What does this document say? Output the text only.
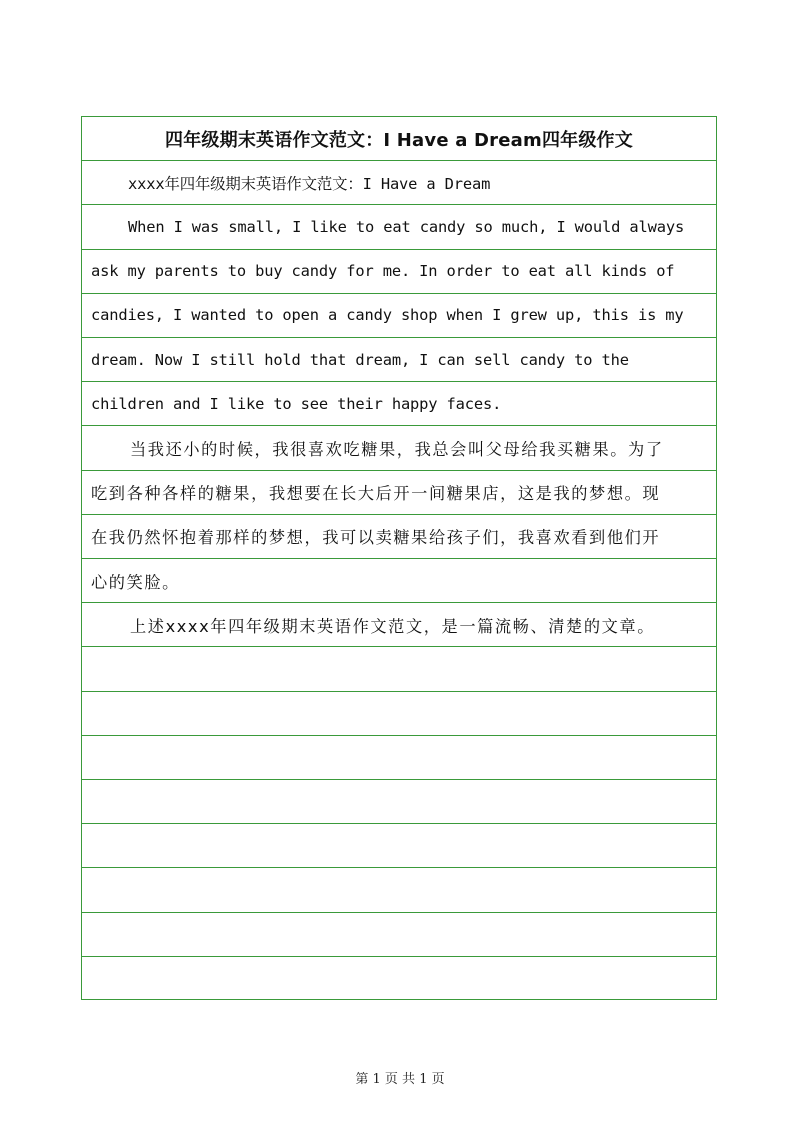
四年级期末英语作文范文：I Have a Dream四年级作文
xxxx年四年级期末英语作文范文：I Have a Dream
When I was small, I like to eat candy so much, I would always
ask my parents to buy candy for me. In order to eat all kinds of
candies, I wanted to open a candy shop when I grew up, this is my
dream. Now I still hold that dream, I can sell candy to the
children and I like to see their happy faces.
当我还小的时候，我很喜欢吃糖果，我总会叫父母给我买糖果。为了
吃到各种各样的糖果，我想要在长大后开一间糖果店，这是我的梦想。现
在我仍然怀抱着那样的梦想，我可以卖糖果给孩子们，我喜欢看到他们开
心的笑脸。
上述xxxx年四年级期末英语作文范文，是一篇流畅、清楚的文章。
第 1 页 共 1 页
